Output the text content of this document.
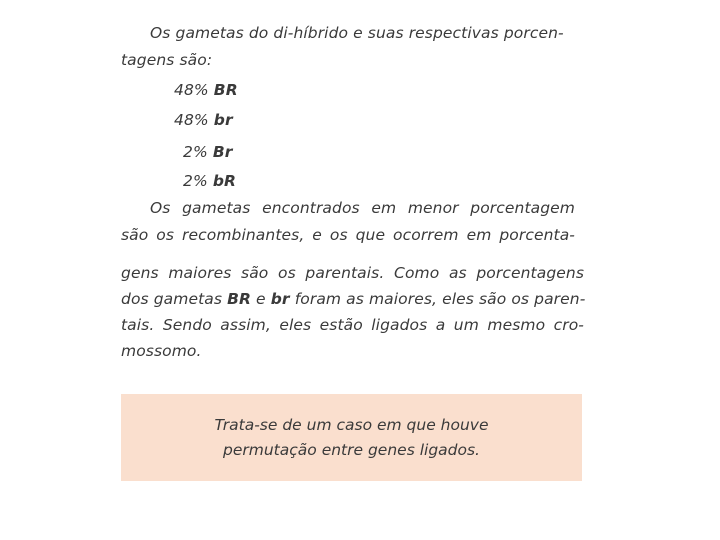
Os gametas do di-híbrido e suas respectivas porcen-
tagens são:
48% BR
48% br
2% Br
2% bR
Os gametas encontrados em menor porcentagem
são os recombinantes, e os que ocorrem em porcenta-
gens maiores são os parentais. Como as porcentagens
dos gametas BR e br foram as maiores, eles são os paren-
tais. Sendo assim, eles estão ligados a um mesmo cro-
mossomo.
Trata-se de um caso em que houve
permutação entre genes ligados.
